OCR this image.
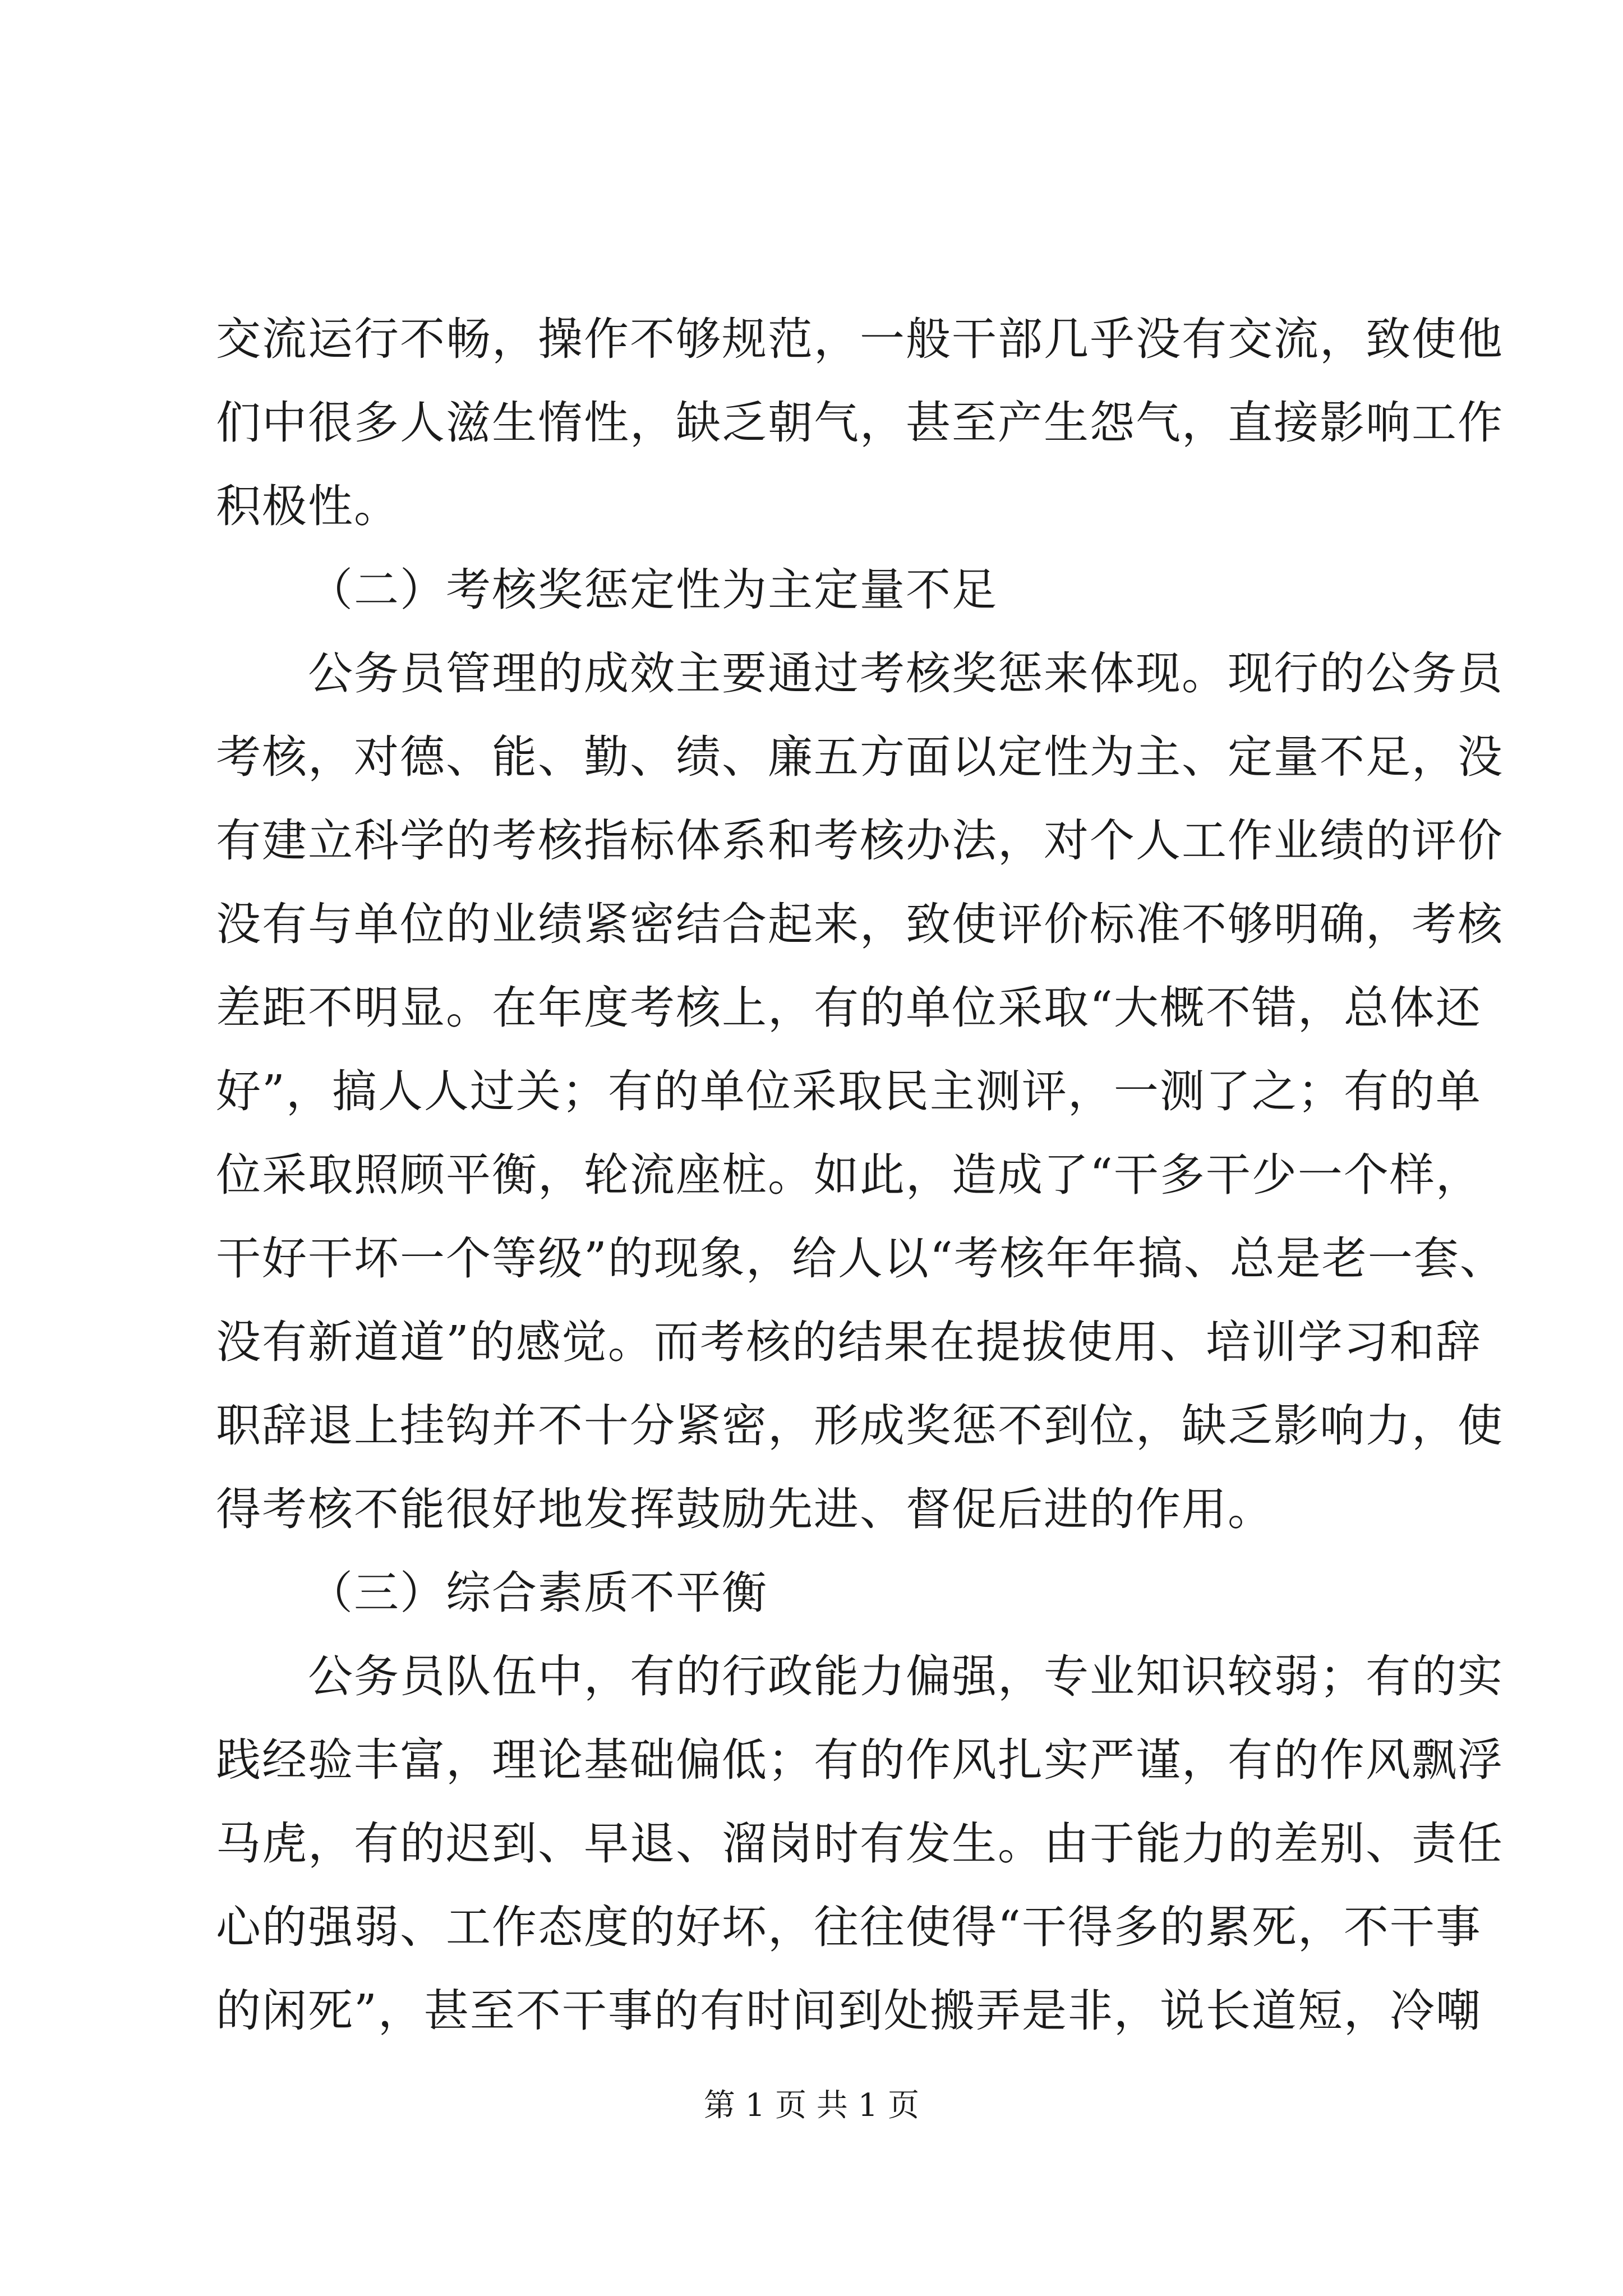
交流运行不畅，操作不够规范，一般干部几乎没有交流，致使他
们中很多人滋生惰性，缺乏朝气，甚至产生怨气，直接影响工作
积极性。
（二）考核奖惩定性为主定量不足
公务员管理的成效主要通过考核奖惩来体现。现行的公务员
考核，对德、能、勤、绩、廉五方面以定性为主、定量不足，没
有建立科学的考核指标体系和考核办法，对个人工作业绩的评价
没有与单位的业绩紧密结合起来，致使评价标准不够明确，考核
差距不明显。在年度考核上，有的单位采取“大概不错，总体还
好”，搞人人过关；有的单位采取民主测评，一测了之；有的单
位采取照顾平衡，轮流座桩。如此，造成了“干多干少一个样，
干好干坏一个等级”的现象，给人以“考核年年搞、总是老一套、
没有新道道”的感觉。而考核的结果在提拔使用、培训学习和辞
职辞退上挂钩并不十分紧密，形成奖惩不到位，缺乏影响力，使
得考核不能很好地发挥鼓励先进、督促后进的作用。
（三）综合素质不平衡
公务员队伍中，有的行政能力偏强，专业知识较弱；有的实
践经验丰富，理论基础偏低；有的作风扎实严谨，有的作风飘浮
马虎，有的迟到、早退、溜岗时有发生。由于能力的差别、责任
心的强弱、工作态度的好坏，往往使得“干得多的累死，不干事
的闲死”，甚至不干事的有时间到处搬弄是非，说长道短，冷嘲
第 1 页 共 1 页
